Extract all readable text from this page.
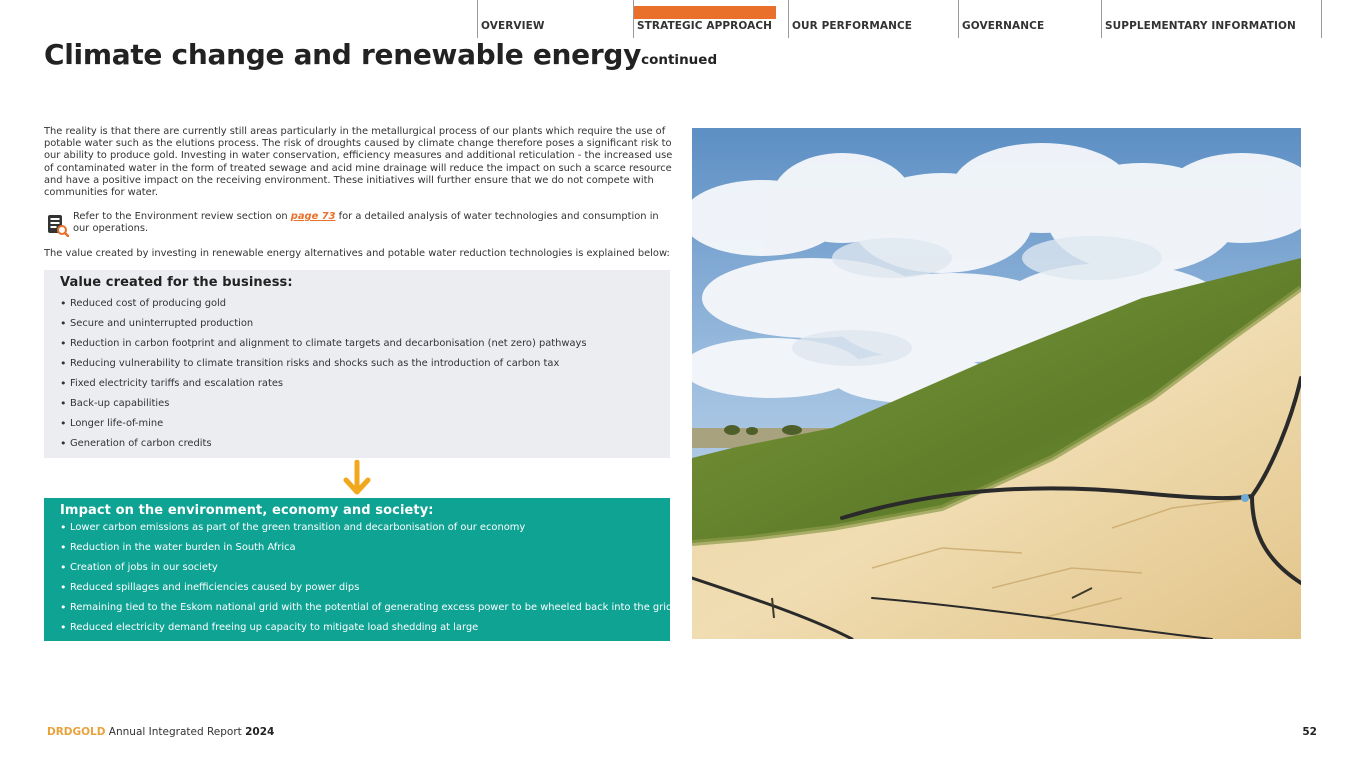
OVERVIEW	STRATEGIC APPROACH OUR PERFORMANCE	GOVERNANCE	SUPPLEMENTARY INFORMATION
Climate change and renewable energycontinued

The reality is that there are currently still areas particularly in the metallurgical process of our plants which require the use of potable water such as the elutions process. The risk of droughts caused by climate change therefore poses a significant risk to our ability to produce gold. Investing in water conservation, efficiency measures and additional reticulation - the increased use of contaminated water in the form of treated sewage and acid mine drainage will reduce the impact on such a scarce resource and have a positive impact on the receiving environment. These initiatives will further ensure that we do not compete with communities for water.

Refer to the Environment review section on page 73 for a detailed analysis of water technologies and consumption in our operations.

The value created by investing in renewable energy alternatives and potable water reduction technologies is explained below:

Value created for the business:
• Reduced cost of producing gold
• Secure and uninterrupted production
• Reduction in carbon footprint and alignment to climate targets and decarbonisation (net zero) pathways
• Reducing vulnerability to climate transition risks and shocks such as the introduction of carbon tax
• Fixed electricity tariffs and escalation rates
• Back-up capabilities
• Longer life-of-mine
• Generation of carbon credits
Impact on the environment, economy and society:
• Lower carbon emissions as part of the green transition and decarbonisation of our economy
• Reduction in the water burden in South Africa
• Creation of jobs in our society
• Reduced spillages and inefficiencies caused by power dips
• Remaining tied to the Eskom national grid with the potential of generating excess power to be wheeled back into the grid
• Reduced electricity demand freeing up capacity to mitigate load shedding at large
DRDGOLD Annual Integrated Report 2024	52
